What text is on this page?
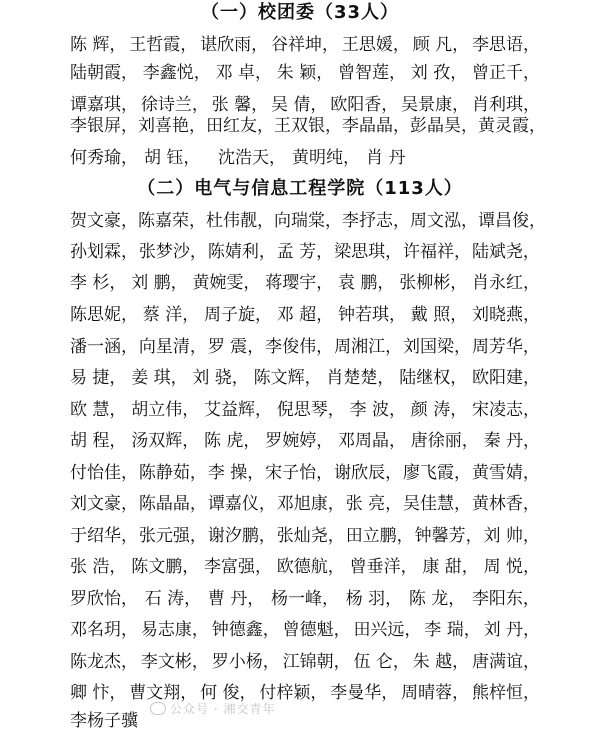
（一）校团委（33人）
陈 辉， 王哲霞， 谌欣雨， 谷祥坤， 王思媛， 顾 凡， 李思语，
陆朝霞， 李鑫悦， 邓 卓， 朱 颖， 曾智莲， 刘 孜， 曾正千，
谭嘉琪， 徐诗兰， 张 馨， 吴 倩， 欧阳香， 吴景康， 肖利琪，
李银屏， 刘喜艳， 田红友， 王双银， 李晶晶， 彭晶昊， 黄灵霞，
何秀瑜， 胡 钰，	沈浩天， 黄明纯， 肖 丹
（二）电气与信息工程学院（113人）
贺文豪， 陈嘉荣， 杜伟靓， 向瑞棠， 李抒志， 周文泓， 谭昌俊，
孙划霖， 张梦沙， 陈婧利， 孟 芳， 梁思琪， 许福祥， 陆斌尧，
李 杉， 刘 鹏， 黄婉雯， 蒋璎宇， 袁 鹏， 张柳彬， 肖永红，
陈思妮， 蔡 洋， 周子旋， 邓 超， 钟若琪， 戴 照， 刘晓燕，
潘一涵， 向星清， 罗 震， 李俊伟， 周湘江， 刘国梁， 周芳华，
易 捷， 姜 琪， 刘 骁， 陈文辉， 肖楚楚， 陆继权， 欧阳建，
欧 慧， 胡立伟， 艾益辉， 倪思琴， 李 波， 颜 涛， 宋凌志，
胡 程， 汤双辉， 陈 虎， 罗婉婷， 邓周晶， 唐徐丽， 秦 丹，
付怡佳， 陈静茹， 李 操， 宋子怡， 谢欣辰， 廖飞霞， 黄雪婧，
刘文豪， 陈晶晶， 谭嘉仪， 邓旭康， 张 亮， 吴佳慧， 黄林香，
于绍华， 张元强， 谢汐鹏， 张灿尧， 田立鹏， 钟馨芳， 刘 帅，
张 浩， 陈文鹏， 李富强， 欧德航， 曾垂洋， 康 甜， 周 悦，
罗欣怡， 石 涛， 曹 丹， 杨一峰， 杨 羽， 陈 龙， 李阳东，
邓名玥， 易志康， 钟德鑫， 曾德魁， 田兴远， 李 瑞， 刘 丹，
陈龙杰， 李文彬， 罗小杨， 江锦朝， 伍 仑， 朱 越， 唐满谊，
卿 忭， 曹文翔， 何 俊， 付梓颖， 李曼华， 周晴蓉， 熊梓恒，
李杨子骥
公众号 · 湘交青年
